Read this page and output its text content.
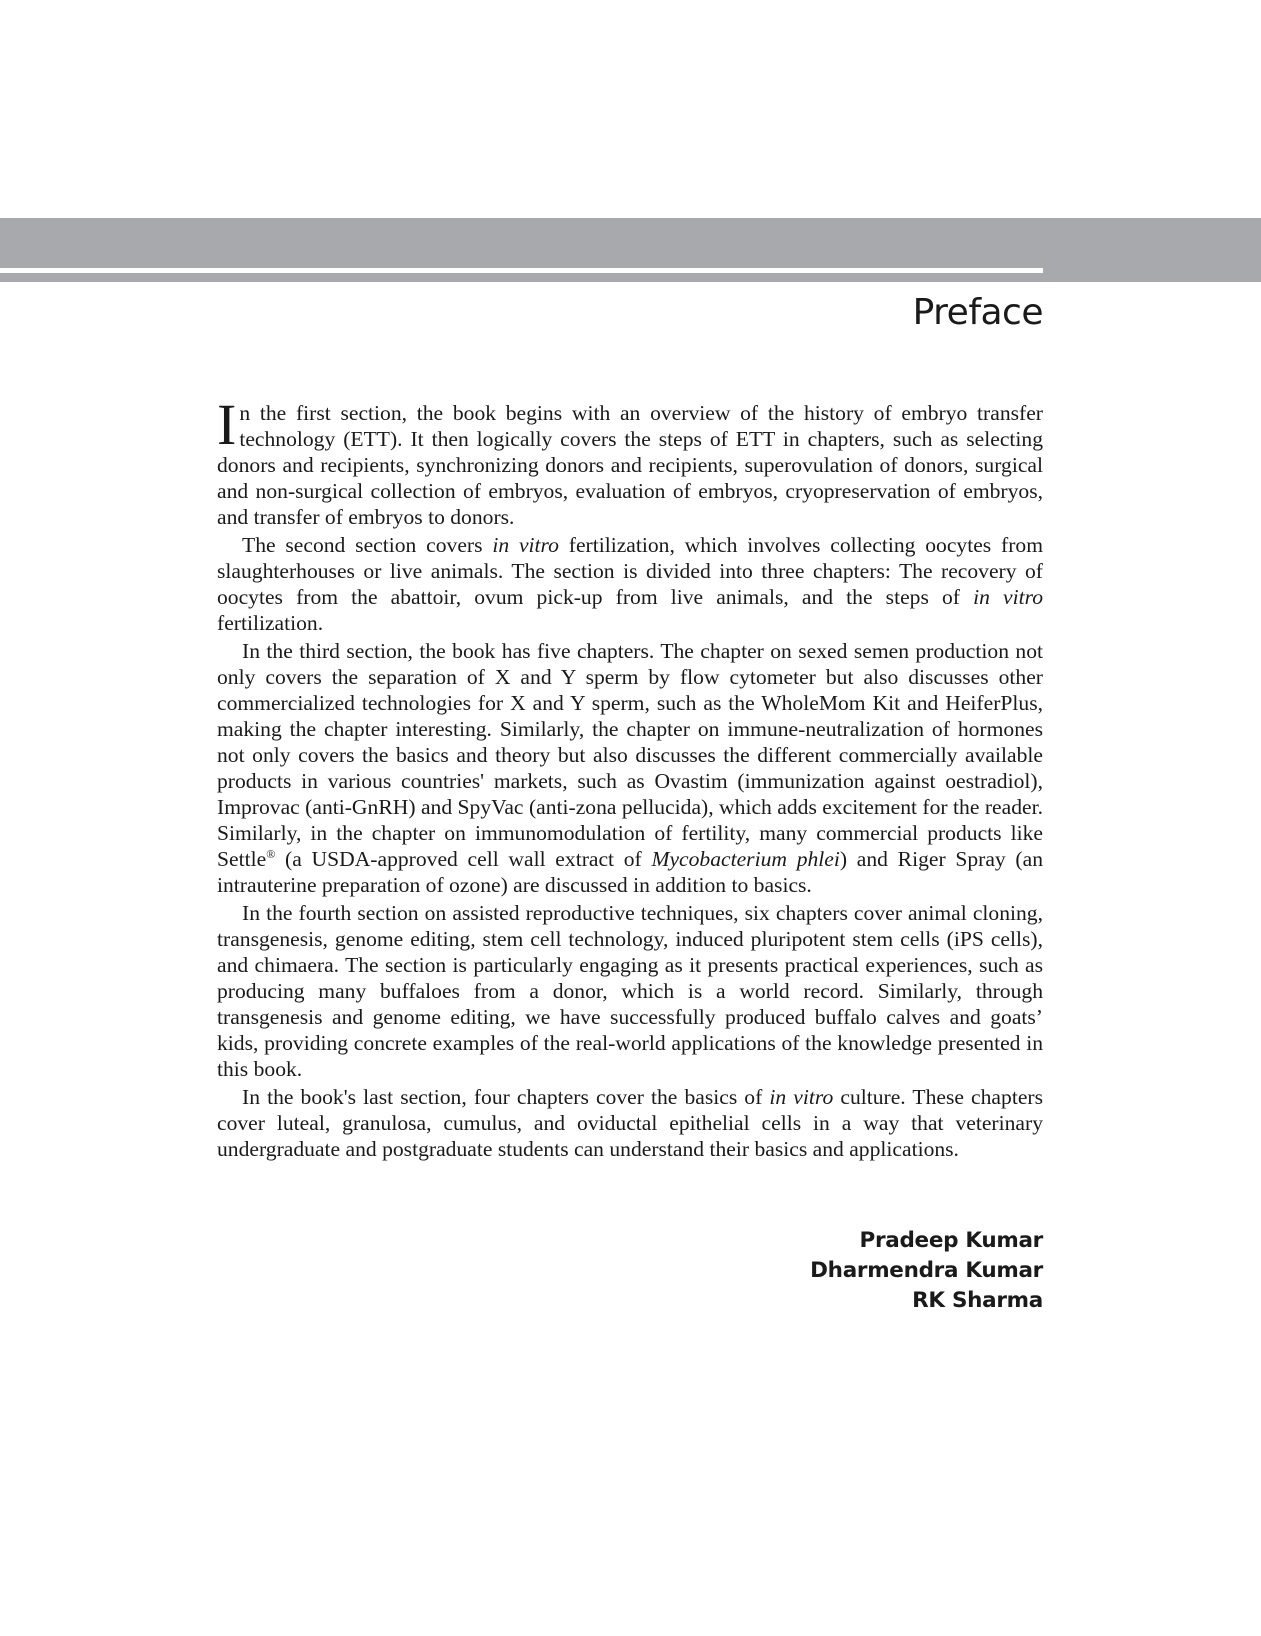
Preface

In the first section, the book begins with an overview of the history of embryo transfer technology (ETT). It then logically covers the steps of ETT in chapters, such as selecting donors and recipients, synchronizing donors and recipients, superovulation of donors, surgical and non-surgical collection of embryos, evaluation of embryos, cryopreservation of embryos, and transfer of embryos to donors.

The second section covers in vitro fertilization, which involves collecting oocytes from slaughterhouses or live animals. The section is divided into three chapters: The recovery of oocytes from the abattoir, ovum pick-up from live animals, and the steps of in vitro fertilization.

In the third section, the book has five chapters. The chapter on sexed semen production not only covers the separation of X and Y sperm by flow cytometer but also discusses other commercialized technologies for X and Y sperm, such as the WholeMom Kit and HeiferPlus, making the chapter interesting. Similarly, the chapter on immune-neutralization of hormones not only covers the basics and theory but also discusses the different commercially available products in various countries' markets, such as Ovastim (immunization against oestradiol), Improvac (anti-GnRH) and SpyVac (anti-zona pellucida), which adds excitement for the reader. Similarly, in the chapter on immunomodulation of fertility, many commercial products like Settle® (a USDA-approved cell wall extract of Mycobacterium phlei) and Riger Spray (an intrauterine preparation of ozone) are discussed in addition to basics.

In the fourth section on assisted reproductive techniques, six chapters cover animal cloning, transgenesis, genome editing, stem cell technology, induced pluripotent stem cells (iPS cells), and chimaera. The section is particularly engaging as it presents practical experiences, such as producing many buffaloes from a donor, which is a world record. Similarly, through transgenesis and genome editing, we have successfully produced buffalo calves and goats’ kids, providing concrete examples of the real-world applications of the knowledge presented in this book.

In the book's last section, four chapters cover the basics of in vitro culture. These chapters cover luteal, granulosa, cumulus, and oviductal epithelial cells in a way that veterinary undergraduate and postgraduate students can understand their basics and applications.

Pradeep Kumar
Dharmendra Kumar
RK Sharma
